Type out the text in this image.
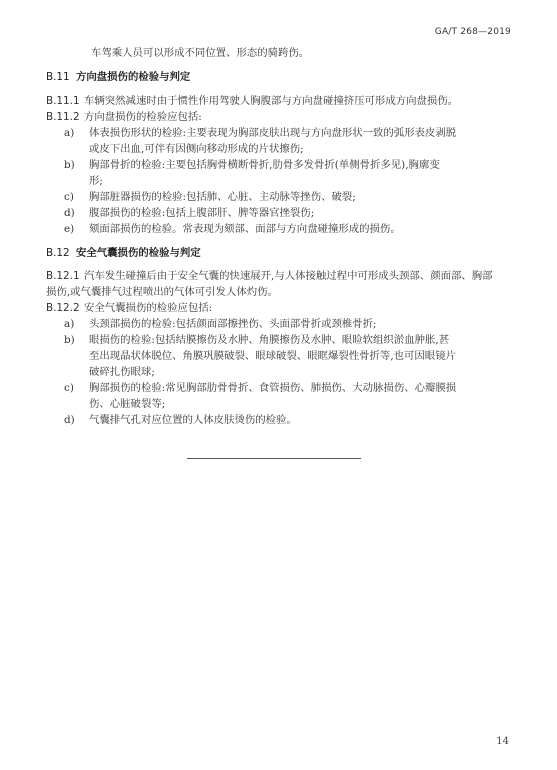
GA/T 268—2019
车驾乘人员可以形成不同位置、形态的骑跨伤。
B.11 方向盘损伤的检验与判定
B.11.1 车辆突然减速时由于惯性作用驾驶人胸腹部与方向盘碰撞挤压可形成方向盘损伤。
B.11.2 方向盘损伤的检验应包括:
a) 体表损伤形状的检验:主要表现为胸部皮肤出现与方向盘形状一致的弧形表皮剥脱
或皮下出血,可伴有因侧向移动形成的片状擦伤;
b) 胸部骨折的检验:主要包括胸骨横断骨折,肋骨多发骨折(单侧骨折多见),胸廓变
形;
c) 胸部脏器损伤的检验:包括肺、心脏、主动脉等挫伤、破裂;
d) 腹部损伤的检验:包括上腹部肝、脾等器官挫裂伤;
e) 颏面部损伤的检验。常表现为颏部、面部与方向盘碰撞形成的损伤。
B.12 安全气囊损伤的检验与判定
B.12.1 汽车发生碰撞后由于安全气囊的快速展开,与人体接触过程中可形成头颈部、颜面部、胸部
损伤,或气囊排气过程喷出的气体可引发人体灼伤。
B.12.2 安全气囊损伤的检验应包括:
a) 头颈部损伤的检验:包括颜面部擦挫伤、头面部骨折或颈椎骨折;
b) 眼损伤的检验:包括结膜擦伤及水肿、角膜擦伤及水肿、眼睑软组织淤血肿胀,甚
至出现晶状体脱位、角膜巩膜破裂、眼球破裂、眼眶爆裂性骨折等,也可因眼镜片
破碎扎伤眼球;
c) 胸部损伤的检验:常见胸部肋骨骨折、食管损伤、肺损伤、大动脉损伤、心瓣膜损
伤、心脏破裂等;
d) 气囊排气孔对应位置的人体皮肤烫伤的检验。
14
